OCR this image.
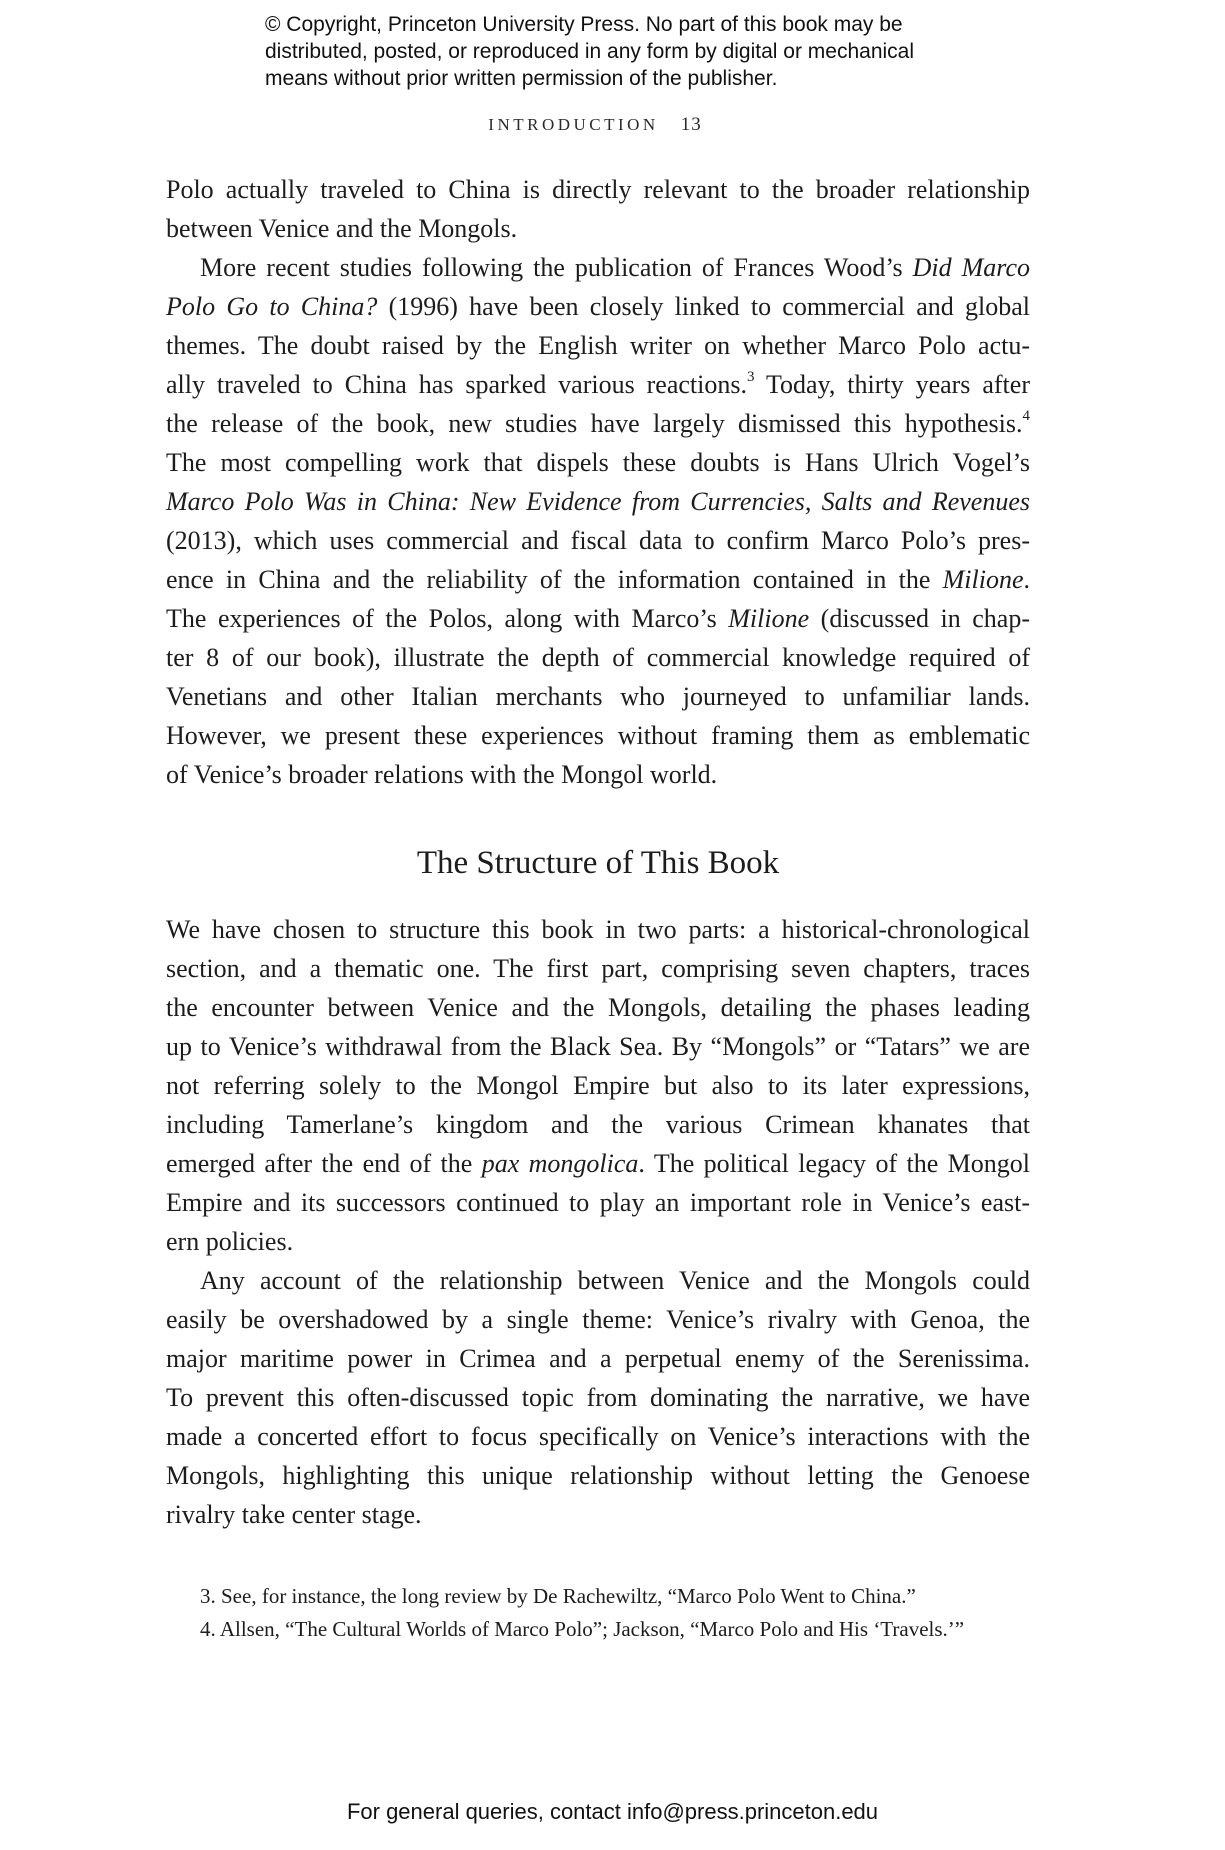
© Copyright, Princeton University Press. No part of this book may be
distributed, posted, or reproduced in any form by digital or mechanical
means without prior written permission of the publisher.
INTRODUCTION 13
Polo actually traveled to China is directly relevant to the broader relationship
between Venice and the Mongols.
More recent studies following the publication of Frances Wood’s Did Marco
Polo Go to China? (1996) have been closely linked to commercial and global
themes. The doubt raised by the English writer on whether Marco Polo actu-
ally traveled to China has sparked various reactions.$^3$ Today, thirty years after
the release of the book, new studies have largely dismissed this hypothesis.$^4$
The most compelling work that dispels these doubts is Hans Ulrich Vogel’s
Marco Polo Was in China: New Evidence from Currencies, Salts and Revenues
(2013), which uses commercial and fiscal data to confirm Marco Polo’s pres-
ence in China and the reliability of the information contained in the Milione.
The experiences of the Polos, along with Marco’s Milione (discussed in chap-
ter 8 of our book), illustrate the depth of commercial knowledge required of
Venetians and other Italian merchants who journeyed to unfamiliar lands.
However, we present these experiences without framing them as emblematic
of Venice’s broader relations with the Mongol world.
The Structure of This Book
We have chosen to structure this book in two parts: a historical-chronological
section, and a thematic one. The first part, comprising seven chapters, traces
the encounter between Venice and the Mongols, detailing the phases leading
up to Venice’s withdrawal from the Black Sea. By “Mongols” or “Tatars” we are
not referring solely to the Mongol Empire but also to its later expressions,
including Tamerlane’s kingdom and the various Crimean khanates that
emerged after the end of the pax mongolica. The political legacy of the Mongol
Empire and its successors continued to play an important role in Venice’s east-
ern policies.
Any account of the relationship between Venice and the Mongols could
easily be overshadowed by a single theme: Venice’s rivalry with Genoa, the
major maritime power in Crimea and a perpetual enemy of the Serenissima.
To prevent this often-discussed topic from dominating the narrative, we have
made a concerted effort to focus specifically on Venice’s interactions with the
Mongols, highlighting this unique relationship without letting the Genoese
rivalry take center stage.
3. See, for instance, the long review by De Rachewiltz, “Marco Polo Went to China.”
4. Allsen, “The Cultural Worlds of Marco Polo”; Jackson, “Marco Polo and His ‘Travels.’”
For general queries, contact info@press.princeton.edu
